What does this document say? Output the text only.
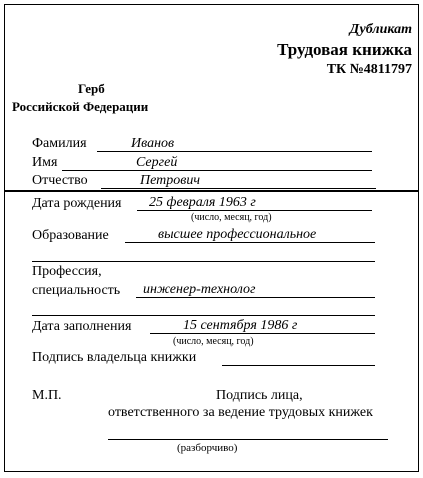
Дубликат
Трудовая книжка
ТК №4811797
Герб
Российской Федерации
Фамилия	Иванов
Имя	Сергей
Отчество	Петрович
Дата рождения 25 февраля 1963 г
(число, месяц, год)
Образование	высшее профессиональное
Профессия,
специальность инженер-технолог
Дата заполнения	15 сентября 1986 г
(число, месяц, год)
Подпись владельца книжки
М.П.	Подпись лица,
ответственного за ведение трудовых книжек
(разборчиво)
